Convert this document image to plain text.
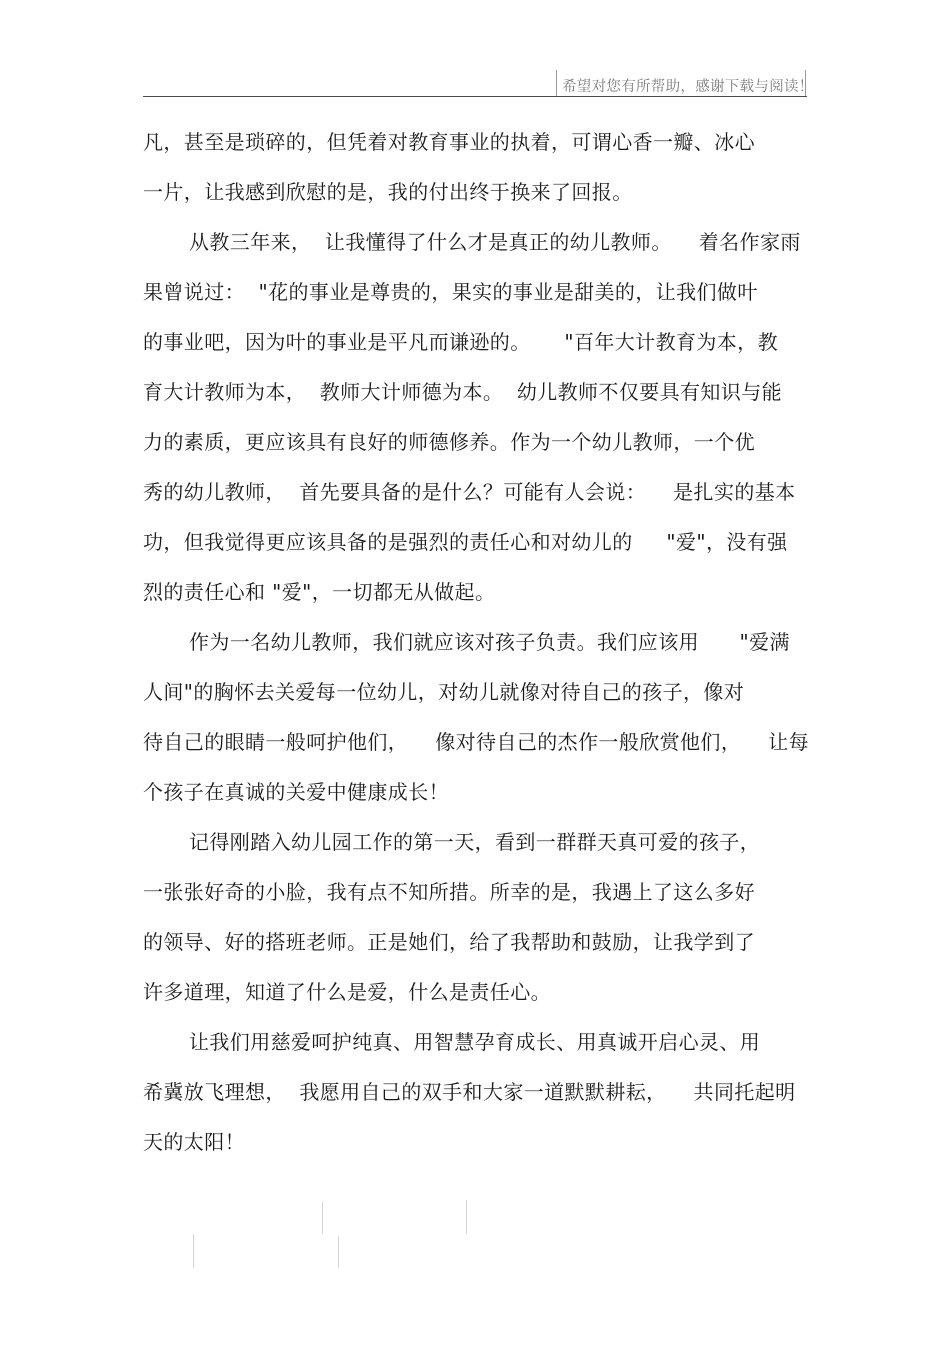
希望对您有所帮助，感谢下载与阅读！
凡，甚至是琐碎的，但凭着对教育事业的执着，可谓心香一瓣、冰心
一片，让我感到欣慰的是，我的付出终于换来了回报。
从教三年来，  让我懂得了什么才是真正的幼儿教师。    着名作家雨
果曾说过：  "花的事业是尊贵的，果实的事业是甜美的，让我们做叶
的事业吧，因为叶的事业是平凡而谦逊的。     "百年大计教育为本，教
育大计教师为本，  教师大计师德为本。  幼儿教师不仅要具有知识与能
力的素质，更应该具有良好的师德修养。作为一个幼儿教师，一个优
秀的幼儿教师，  首先要具备的是什么？可能有人会说：    是扎实的基本
功，但我觉得更应该具备的是强烈的责任心和对幼儿的     "爱"，没有强
烈的责任心和 "爱"，一切都无从做起。
作为一名幼儿教师，我们就应该对孩子负责。我们应该用      "爱满
人间"的胸怀去关爱每一位幼儿，对幼儿就像对待自己的孩子，像对
待自己的眼睛一般呵护他们，    像对待自己的杰作一般欣赏他们，    让每
个孩子在真诚的关爱中健康成长！
记得刚踏入幼儿园工作的第一天，看到一群群天真可爱的孩子，
一张张好奇的小脸，我有点不知所措。所幸的是，我遇上了这么多好
的领导、好的搭班老师。正是她们，给了我帮助和鼓励，让我学到了
许多道理，知道了什么是爱，什么是责任心。
让我们用慈爱呵护纯真、用智慧孕育成长、用真诚开启心灵、用
希冀放飞理想，  我愿用自己的双手和大家一道默默耕耘，    共同托起明
天的太阳！
